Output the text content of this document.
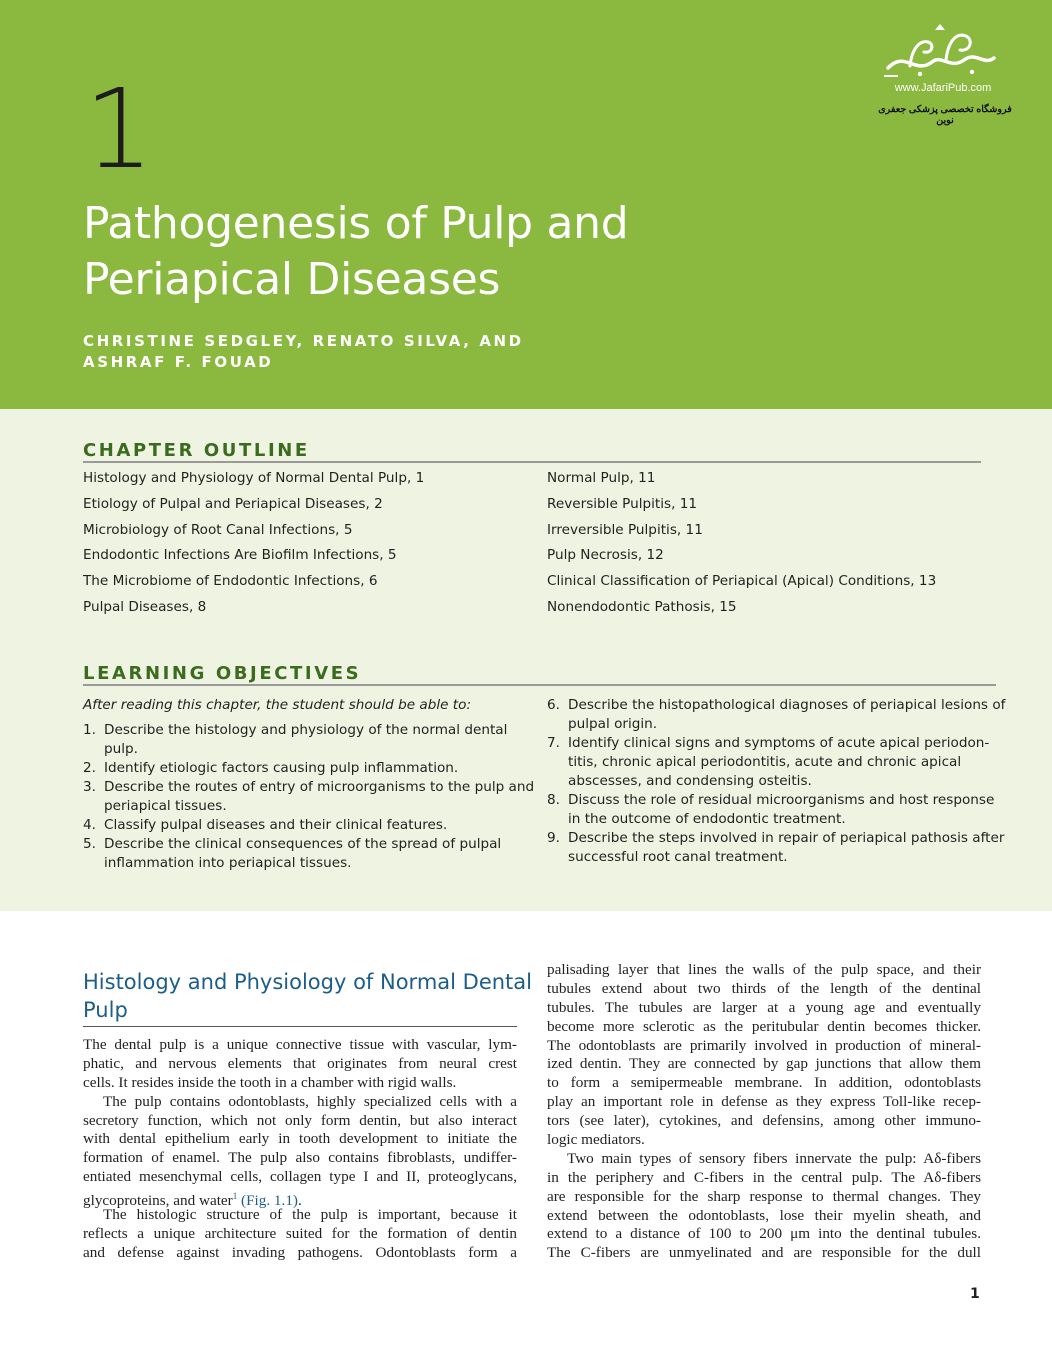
1
Pathogenesis of Pulp and
Periapical Diseases
CHRISTINE SEDGLEY, RENATO SILVA, AND
ASHRAF F. FOUAD
www.JafariPub.com
فروشگاه تخصصی پزشکی جعفری نوین
CHAPTER OUTLINE
Histology and Physiology of Normal Dental Pulp, 1
Etiology of Pulpal and Periapical Diseases, 2
Microbiology of Root Canal Infections, 5
Endodontic Infections Are Biofilm Infections, 5
The Microbiome of Endodontic Infections, 6
Pulpal Diseases, 8
Normal Pulp, 11
Reversible Pulpitis, 11
Irreversible Pulpitis, 11
Pulp Necrosis, 12
Clinical Classification of Periapical (Apical) Conditions, 13
Nonendodontic Pathosis, 15
LEARNING OBJECTIVES
After reading this chapter, the student should be able to:
1. Describe the histology and physiology of the normal dental
pulp.
2. Identify etiologic factors causing pulp inflammation.
3. Describe the routes of entry of microorganisms to the pulp and
periapical tissues.
4. Classify pulpal diseases and their clinical features.
5. Describe the clinical consequences of the spread of pulpal
inflammation into periapical tissues.
6. Describe the histopathological diagnoses of periapical lesions of
pulpal origin.
7. Identify clinical signs and symptoms of acute apical periodon-
titis, chronic apical periodontitis, acute and chronic apical
abscesses, and condensing osteitis.
8. Discuss the role of residual microorganisms and host response
in the outcome of endodontic treatment.
9. Describe the steps involved in repair of periapical pathosis after
successful root canal treatment.
Histology and Physiology of Normal Dental
Pulp
The dental pulp is a unique connective tissue with vascular, lym-
phatic, and nervous elements that originates from neural crest
cells. It resides inside the tooth in a chamber with rigid walls.
The pulp contains odontoblasts, highly specialized cells with a
secretory function, which not only form dentin, but also interact
with dental epithelium early in tooth development to initiate the
formation of enamel. The pulp also contains fibroblasts, undiffer-
entiated mesenchymal cells, collagen type I and II, proteoglycans,
glycoproteins, and water$^1$ (Fig. 1.1).
The histologic structure of the pulp is important, because it
reflects a unique architecture suited for the formation of dentin
and defense against invading pathogens. Odontoblasts form a
palisading layer that lines the walls of the pulp space, and their
tubules extend about two thirds of the length of the dentinal
tubules. The tubules are larger at a young age and eventually
become more sclerotic as the peritubular dentin becomes thicker.
The odontoblasts are primarily involved in production of mineral-
ized dentin. They are connected by gap junctions that allow them
to form a semipermeable membrane. In addition, odontoblasts
play an important role in defense as they express Toll-like recep-
tors (see later), cytokines, and defensins, among other immuno-
logic mediators.
Two main types of sensory fibers innervate the pulp: Aδ-fibers
in the periphery and C-fibers in the central pulp. The Aδ-fibers
are responsible for the sharp response to thermal changes. They
extend between the odontoblasts, lose their myelin sheath, and
extend to a distance of 100 to 200 μm into the dentinal tubules.
The C-fibers are unmyelinated and are responsible for the dull
1
